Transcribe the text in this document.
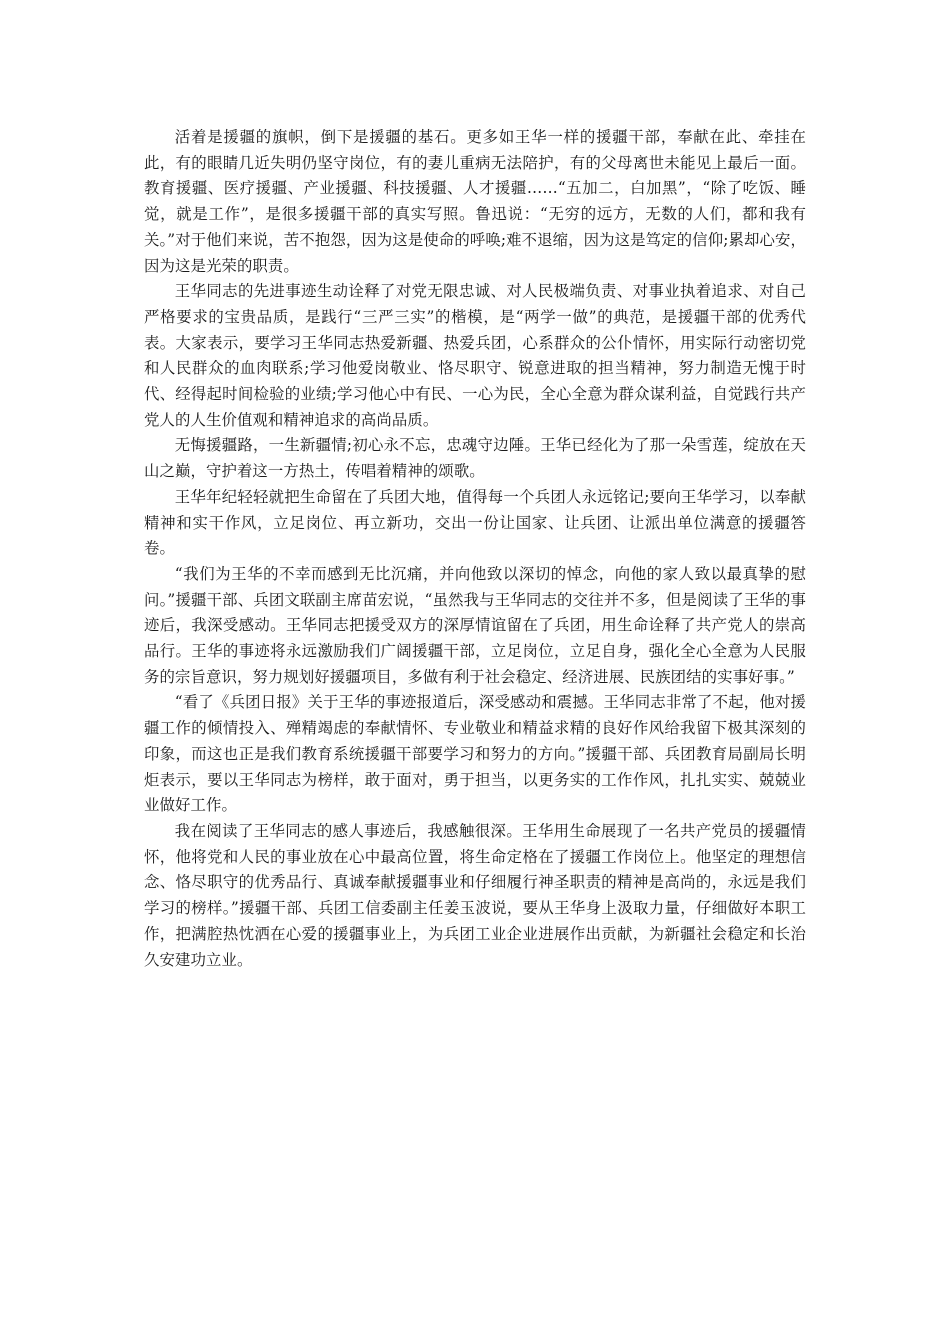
活着是援疆的旗帜，倒下是援疆的基石。更多如王华一样的援疆干部，奉献在此、牵挂在此，有的眼睛几近失明仍坚守岗位，有的妻儿重病无法陪护，有的父母离世未能见上最后一面。教育援疆、医疗援疆、产业援疆、科技援疆、人才援疆……“五加二，白加黑”，“除了吃饭、睡觉，就是工作”，是很多援疆干部的真实写照。鲁迅说：“无穷的远方，无数的人们，都和我有关。”对于他们来说，苦不抱怨，因为这是使命的呼唤;难不退缩，因为这是笃定的信仰;累却心安，因为这是光荣的职责。

王华同志的先进事迹生动诠释了对党无限忠诚、对人民极端负责、对事业执着追求、对自己严格要求的宝贵品质，是践行“三严三实”的楷模，是“两学一做”的典范，是援疆干部的优秀代表。大家表示，要学习王华同志热爱新疆、热爱兵团，心系群众的公仆情怀，用实际行动密切党和人民群众的血肉联系;学习他爱岗敬业、恪尽职守、锐意进取的担当精神，努力制造无愧于时代、经得起时间检验的业绩;学习他心中有民、一心为民，全心全意为群众谋利益，自觉践行共产党人的人生价值观和精神追求的高尚品质。

无悔援疆路，一生新疆情;初心永不忘，忠魂守边陲。王华已经化为了那一朵雪莲，绽放在天山之巅，守护着这一方热土，传唱着精神的颂歌。

王华年纪轻轻就把生命留在了兵团大地，值得每一个兵团人永远铭记;要向王华学习，以奉献精神和实干作风，立足岗位、再立新功，交出一份让国家、让兵团、让派出单位满意的援疆答卷。

“我们为王华的不幸而感到无比沉痛，并向他致以深切的悼念，向他的家人致以最真挚的慰问。”援疆干部、兵团文联副主席苗宏说，“虽然我与王华同志的交往并不多，但是阅读了王华的事迹后，我深受感动。王华同志把援受双方的深厚情谊留在了兵团，用生命诠释了共产党人的崇高品行。王华的事迹将永远激励我们广阔援疆干部，立足岗位，立足自身，强化全心全意为人民服务的宗旨意识，努力规划好援疆项目，多做有利于社会稳定、经济进展、民族团结的实事好事。”

“看了《兵团日报》关于王华的事迹报道后，深受感动和震撼。王华同志非常了不起，他对援疆工作的倾情投入、殚精竭虑的奉献情怀、专业敬业和精益求精的良好作风给我留下极其深刻的印象，而这也正是我们教育系统援疆干部要学习和努力的方向。”援疆干部、兵团教育局副局长明炬表示，要以王华同志为榜样，敢于面对，勇于担当，以更务实的工作作风，扎扎实实、兢兢业业做好工作。

我在阅读了王华同志的感人事迹后，我感触很深。王华用生命展现了一名共产党员的援疆情怀，他将党和人民的事业放在心中最高位置，将生命定格在了援疆工作岗位上。他坚定的理想信念、恪尽职守的优秀品行、真诚奉献援疆事业和仔细履行神圣职责的精神是高尚的，永远是我们学习的榜样。”援疆干部、兵团工信委副主任姜玉波说，要从王华身上汲取力量，仔细做好本职工作，把满腔热忱洒在心爱的援疆事业上，为兵团工业企业进展作出贡献，为新疆社会稳定和长治久安建功立业。
